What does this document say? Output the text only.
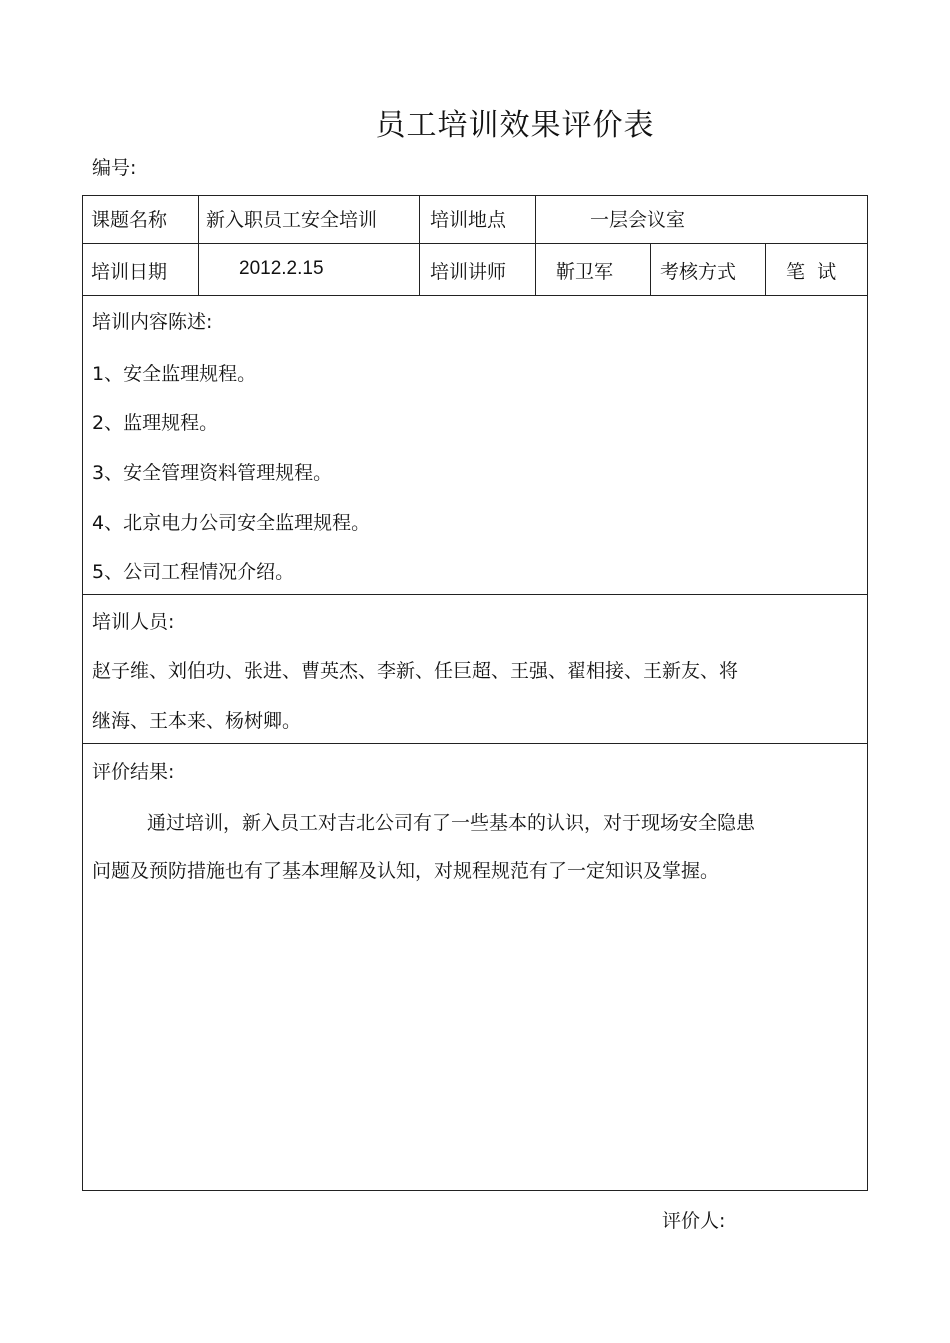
员工培训效果评价表
编号:
课题名称 新入职员工安全培训	培训地点	一层会议室
培训日期	2012.2.15	培训讲师	靳卫军 考核方式	笔  试
培训内容陈述:
1、安全监理规程。
2、监理规程。
3、安全管理资料管理规程。
4、北京电力公司安全监理规程。
5、公司工程情况介绍。
培训人员:
赵子维、刘伯功、张进、曹英杰、李新、任巨超、王强、翟相接、王新友、将
继海、王本来、杨树卿。
评价结果:
通过培训，新入员工对吉北公司有了一些基本的认识，对于现场安全隐患
问题及预防措施也有了基本理解及认知，对规程规范有了一定知识及掌握。
评价人:
